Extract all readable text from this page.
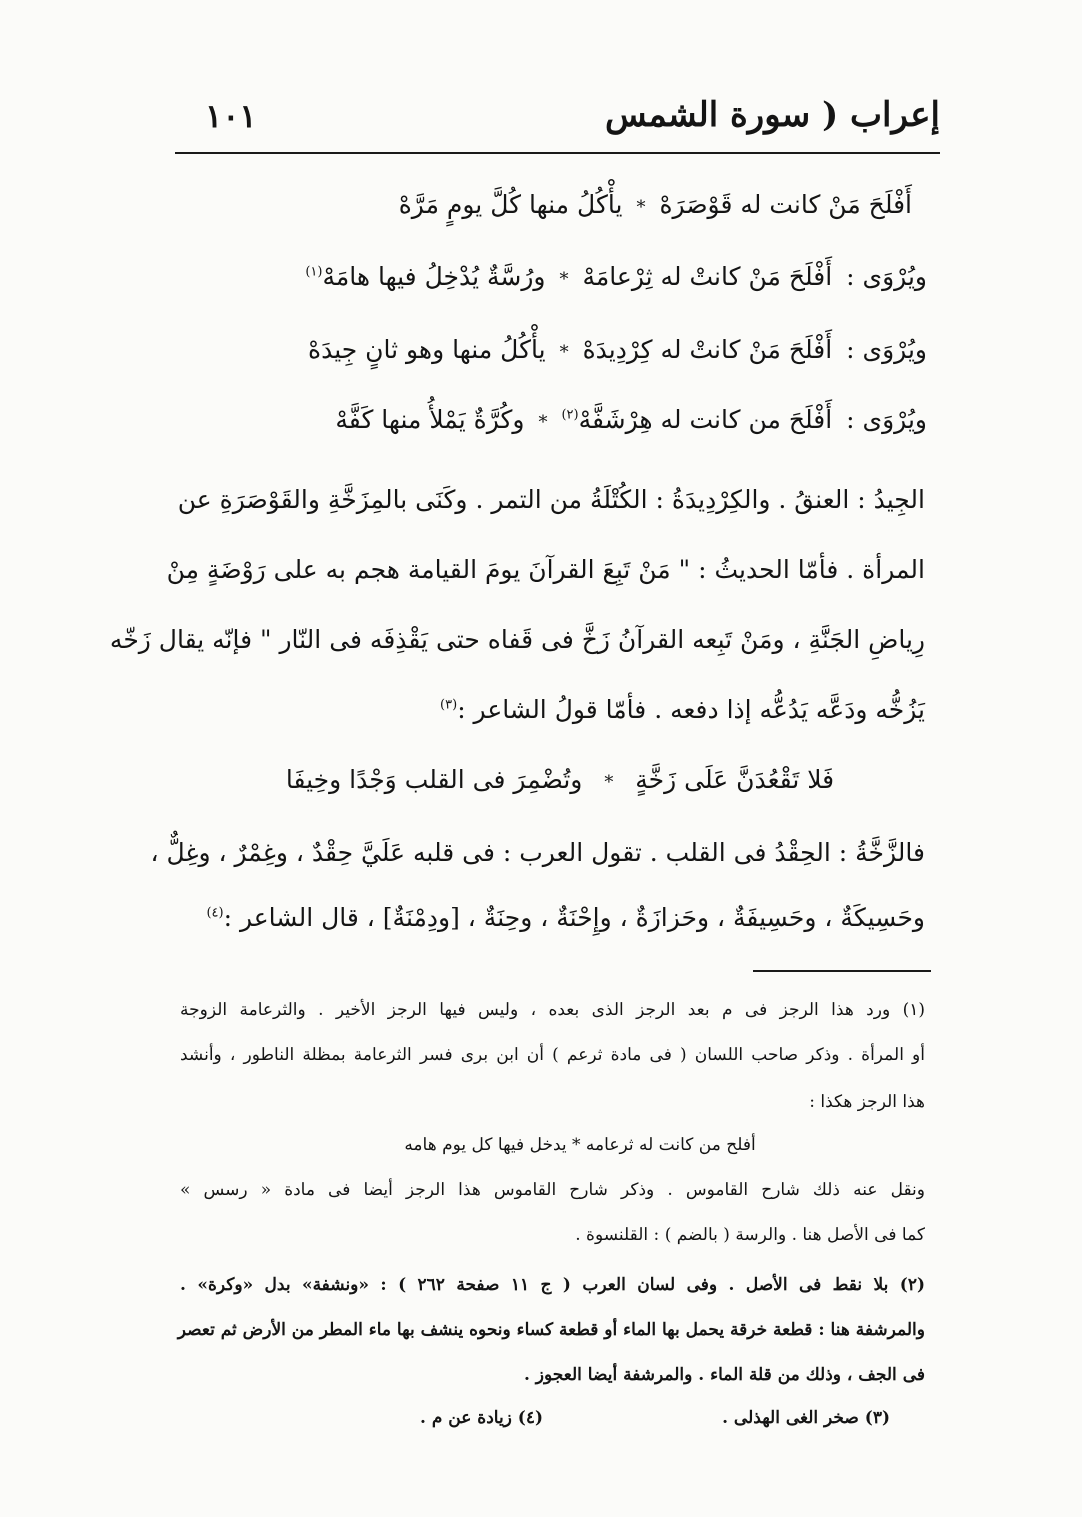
إعراب ( سورة الشمس
١٠١
أَفْلَحَ مَنْ كانت له قَوْصَرَهْ
*
يأْكُلُ منها كُلَّ يومٍ مَرَّهْ
ويُرْوَى :
أَفْلَحَ مَنْ كانتْ له ثِرْعامَهْ
*
ورُسَّةٌ يُدْخِلُ فيها هامَهْ$^{(١)}$
ويُرْوَى :
أَفْلَحَ مَنْ كانتْ له كِرْدِيدَهْ
*
يأْكُلُ منها وهو ثانٍ جِيدَهْ
ويُرْوَى :
أَفْلَحَ من كانت له هِرْشَفَّهْ$^{(٢)}$
*
وكُرَّةٌ يَمْلأُ منها كَفَّهْ
الجِيدُ : العنقُ . والكِرْدِيدَةُ : الكُتْلَةُ من التمر . وكَنَى بالمِزَخَّةِ والقَوْصَرَةِ عن
المرأة . فأمّا الحديثُ : " مَنْ تَبِعَ القرآنَ يومَ القيامة هجم به على رَوْضَةٍ مِنْ
رِياضِ الجَنَّةِ ، ومَنْ تَبِعه القرآنُ زَخَّ فى قَفاه حتى يَقْذِفَه فى النّار " فإنّه يقال زَخّه
يَزُخُّه ودَعَّه يَدُعُّه إذا دفعه . فأمّا قولُ الشاعر :$^{(٣)}$
فَلا تَقْعُدَنَّ عَلَى زَخَّةٍ * وتُضْمِرَ فى القلب وَجْدًا وخِيفَا
فالزَّخَّةُ : الحِقْدُ فى القلب . تقول العرب : فى قلبه عَلَيَّ حِقْدٌ ، وغِمْرٌ ، وغِلٌّ ،
وحَسِيكَةٌ ، وحَسِيفَةٌ ، وحَزازَةٌ ، وإِحْنَةٌ ، وحِنَةٌ ، [ودِمْنَةٌ] ، قال الشاعر :$^{(٤)}$
(١) ورد هذا الرجز فى م بعد الرجز الذى بعده ، وليس فيها الرجز الأخير . والثرعامة الزوجة
أو المرأة . وذكر صاحب اللسان ( فى مادة ثرعم ) أن ابن برى فسر الثرعامة بمظلة الناطور ، وأنشد
هذا الرجز هكذا :
أفلح من كانت له ثرعامه * يدخل فيها كل يوم هامه
ونقل عنه ذلك شارح القاموس . وذكر شارح القاموس هذا الرجز أيضا فى مادة « رسس »
كما فى الأصل هنا . والرسة ( بالضم ) : القلنسوة .
(٢) بلا نقط فى الأصل . وفى لسان العرب ( ج ١١ صفحة ٢٦٢ ) : «ونشفة» بدل «وكرة» .
والمرشفة هنا : قطعة خرقة يحمل بها الماء أو قطعة كساء ونحوه ينشف بها ماء المطر من الأرض ثم تعصر
فى الجف ، وذلك من قلة الماء . والمرشفة أيضا العجوز .
(٣) صخر الغى الهذلى .
(٤) زيادة عن م .
